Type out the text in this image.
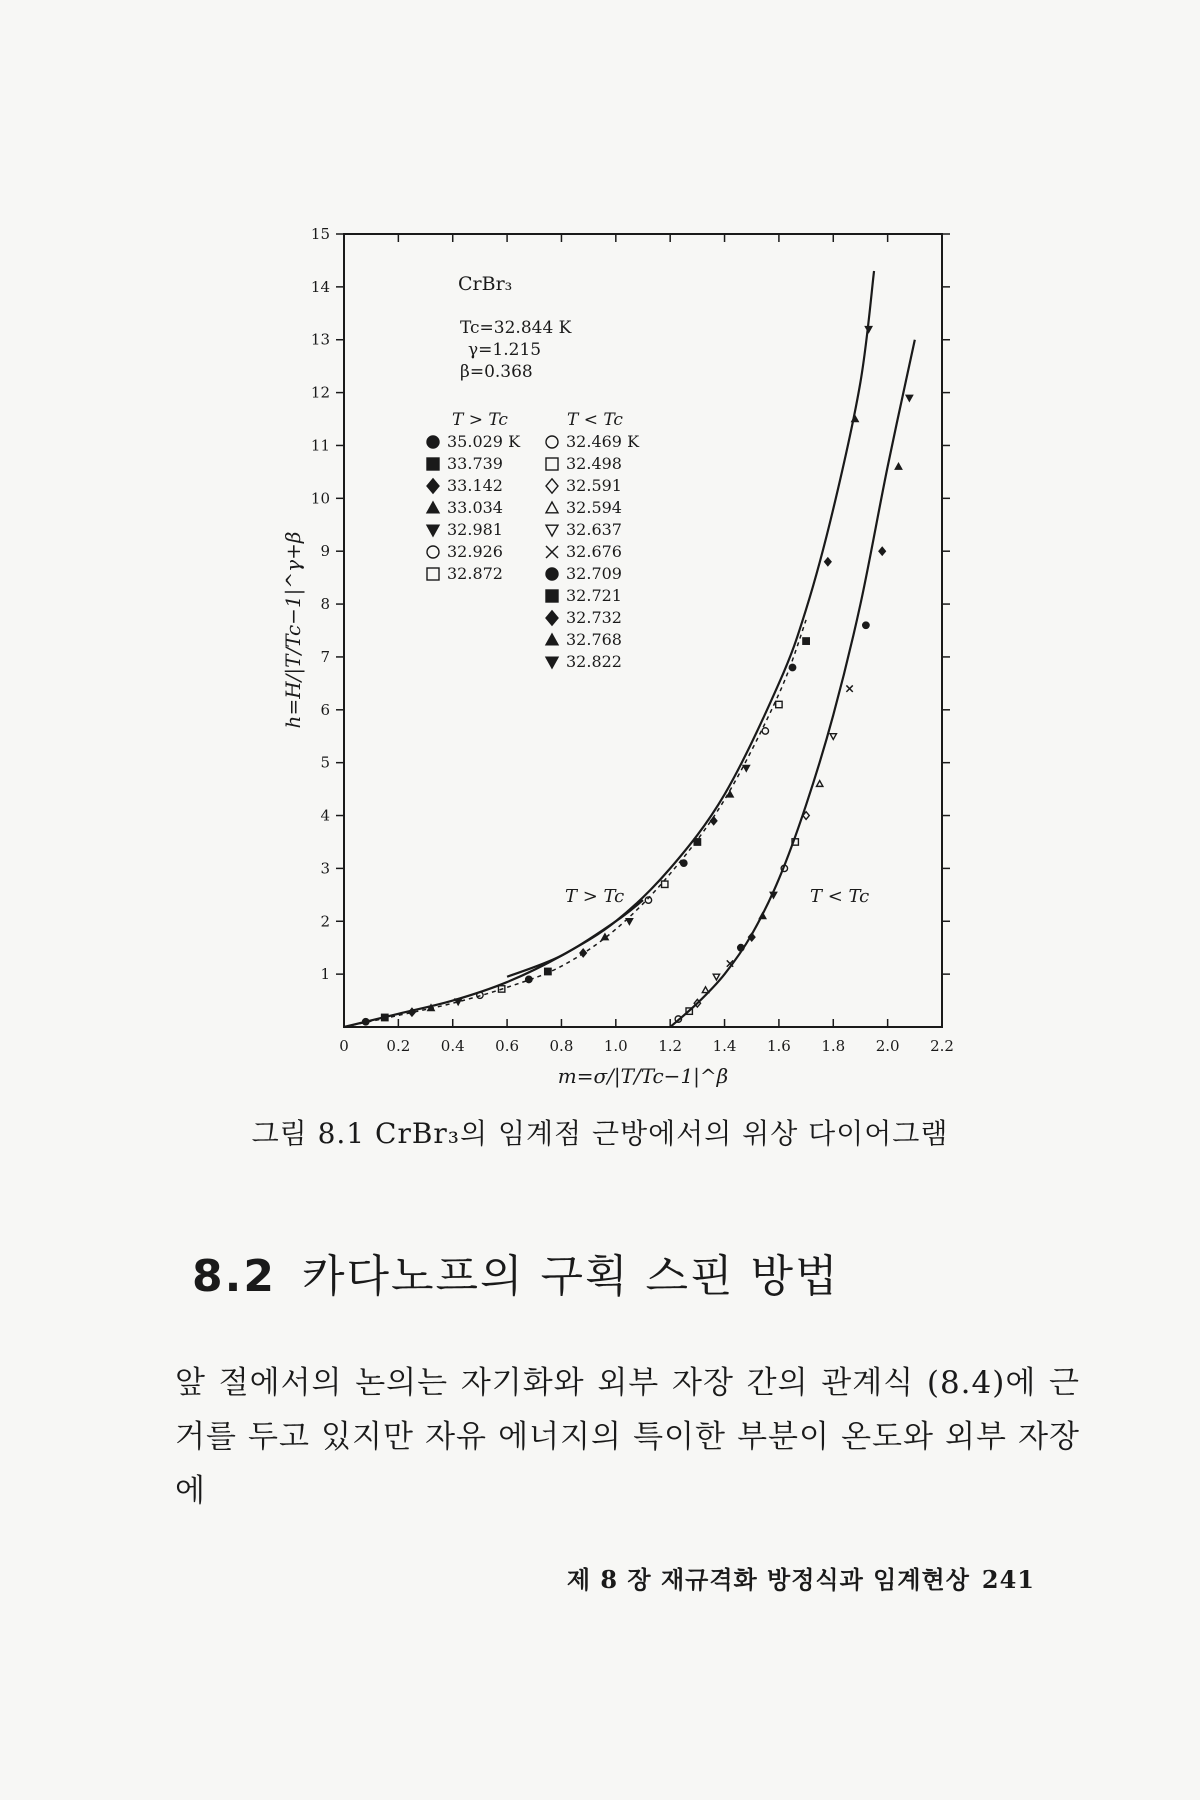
0	0.2 0.4 0.6 0.8 1.0 1.2 1.4 1.6 1.8 2.0 2.2
1
2
3
4
5
6
7
8
9
10
11
12
13
14
15
h=H/|T/Tc−1|^γ+β
m=σ/|T/Tc−1|^β
CrBr₃
Tc=32.844 K
γ=1.215
β=0.368
T > Tc	T < Tc
35.029 K
33.739
33.142
33.034
32.981
32.926
32.872
32.469 K
32.498
32.591
32.594
32.637
32.676
32.709
32.721
32.732
32.768
32.822
T > Tc	T < Tc
그림 8.1 CrBr₃의 임계점 근방에서의 위상 다이어그램
8.2 카다노프의 구획 스핀 방법
앞 절에서의 논의는 자기화와 외부 자장 간의 관계식 (8.4)에 근거를 두고 있지만 자유 에너지의 특이한 부분이 온도와 외부 자장에
제 8 장 재규격화 방정식과 임계현상 241
